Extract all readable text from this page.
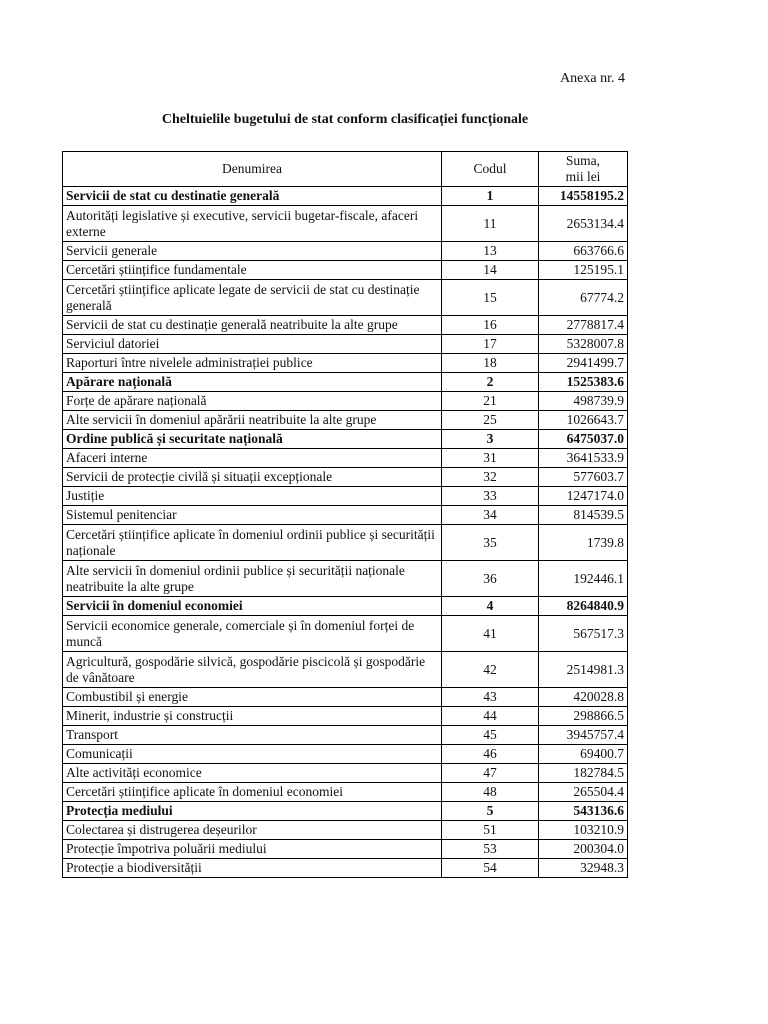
Anexa nr. 4
Cheltuielile bugetului de stat conform clasificației funcționale
Denumirea	Codul	Suma,
mii lei
Servicii de stat cu destinatie generală	1	14558195.2
Autorități legislative și executive, servicii bugetar-fiscale, afaceri externe	11	2653134.4
Servicii generale	13	663766.6
Cercetări științifice fundamentale	14	125195.1
Cercetări științifice aplicate legate de servicii de stat cu destinație generală	15	67774.2
Servicii de stat cu destinație generală neatribuite la alte grupe	16	2778817.4
Serviciul datoriei	17	5328007.8
Raporturi între nivelele administrației publice	18	2941499.7
Apărare națională	2	1525383.6
Forțe de apărare națională	21	498739.9
Alte servicii în domeniul apărării neatribuite la alte grupe	25	1026643.7
Ordine publică și securitate națională	3	6475037.0
Afaceri interne	31	3641533.9
Servicii de protecție civilă și situații excepționale	32	577603.7
Justiție	33	1247174.0
Sistemul penitenciar	34	814539.5
Cercetări științifice aplicate în domeniul ordinii publice și securității naționale	35	1739.8
Alte servicii în domeniul ordinii publice și securității naționale neatribuite la alte grupe	36	192446.1
Servicii în domeniul economiei	4	8264840.9
Servicii economice generale, comerciale și în domeniul forței de muncă	41	567517.3
Agricultură, gospodărie silvică, gospodărie piscicolă și gospodărie de vânătoare	42	2514981.3
Combustibil și energie	43	420028.8
Minerit, industrie și construcții	44	298866.5
Transport	45	3945757.4
Comunicații	46	69400.7
Alte activități economice	47	182784.5
Cercetări științifice aplicate în domeniul economiei	48	265504.4
Protecția mediului	5	543136.6
Colectarea și distrugerea deșeurilor	51	103210.9
Protecție împotriva poluării mediului	53	200304.0
Protecție a biodiversității	54	32948.3
